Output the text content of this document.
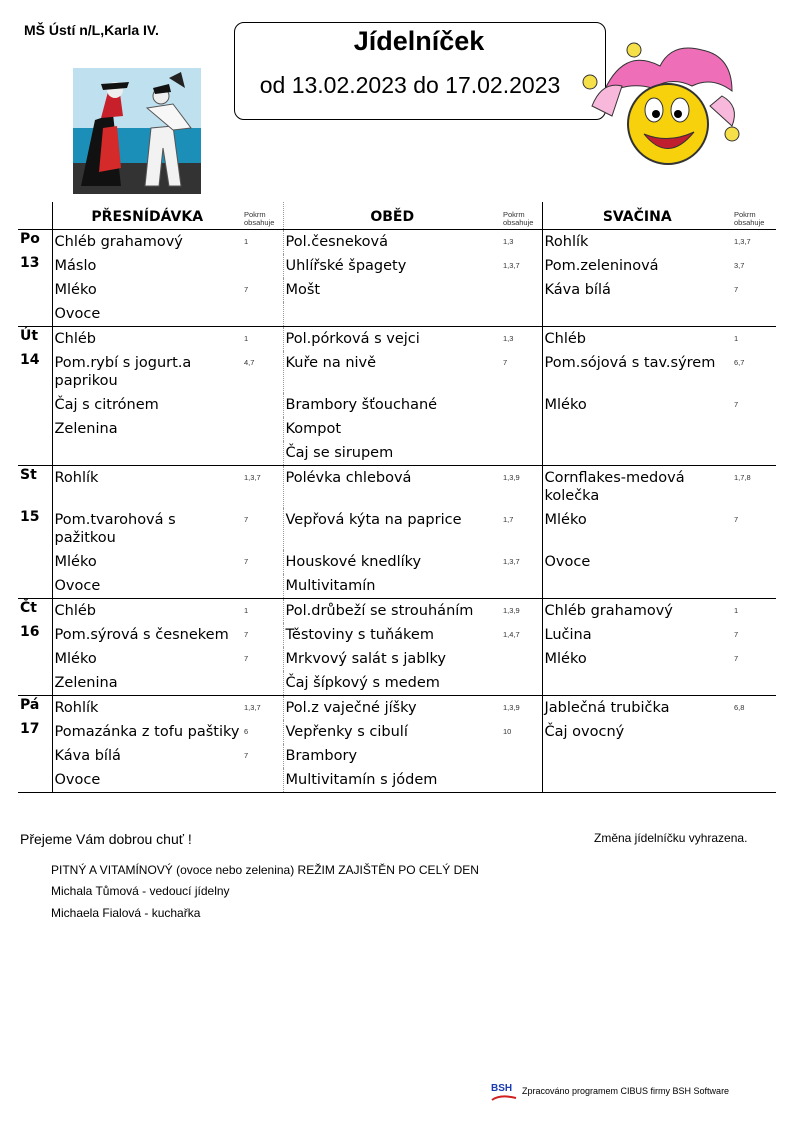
MŠ Ústí n/L,Karla IV.	Jídelníček
od 13.02.2023 do 17.02.2023
	PŘESNÍDÁVKA	Pokrm obsahuje	OBĚD	Pokrm obsahuje	SVAČINA	Pokrm obsahuje
Po	Chléb grahamový	1	Pol.česneková	1,3	Rohlík	1,3,7
13	Máslo		Uhlířské špagety	1,3,7	Pom.zeleninová	3,7
	Mléko	7	Mošt		Káva bílá	7
	Ovoce					
Út	Chléb	1	Pol.pórková s vejci	1,3	Chléb	1
14	Pom.rybí s jogurt.a paprikou	4,7	Kuře na nivě	7	Pom.sójová s tav.sýrem	6,7
	Čaj s citrónem		Brambory šťouchané		Mléko	7
	Zelenina		Kompot			
			Čaj se sirupem			
St	Rohlík	1,3,7	Polévka chlebová	1,3,9	Cornflakes-medová kolečka	1,7,8
15	Pom.tvarohová s pažitkou	7	Vepřová kýta na paprice	1,7	Mléko	7
	Mléko	7	Houskové knedlíky	1,3,7	Ovoce	
	Ovoce		Multivitamín			
Čt	Chléb	1	Pol.drůbeží se strouháním	1,3,9	Chléb grahamový	1
16	Pom.sýrová s česnekem	7	Těstoviny s tuňákem	1,4,7	Lučina	7
	Mléko	7	Mrkvový salát s jablky		Mléko	7
	Zelenina		Čaj šípkový s medem			
Pá	Rohlík	1,3,7	Pol.z vaječné jíšky	1,3,9	Jablečná trubička	6,8
17	Pomazánka z tofu paštiky	6	Vepřenky s cibulí	10	Čaj ovocný	
	Káva bílá	7	Brambory			
	Ovoce		Multivitamín s jódem			
Přejeme Vám dobrou chuť !	Změna jídelníčku vyhrazena.
PITNÝ A VITAMÍNOVÝ (ovoce nebo zelenina) REŽIM ZAJIŠTĚN PO CELÝ DEN
Michala Tůmová - vedoucí jídelny
Michaela Fialová - kuchařka
BSH Zpracováno programem CIBUS firmy BSH Software
